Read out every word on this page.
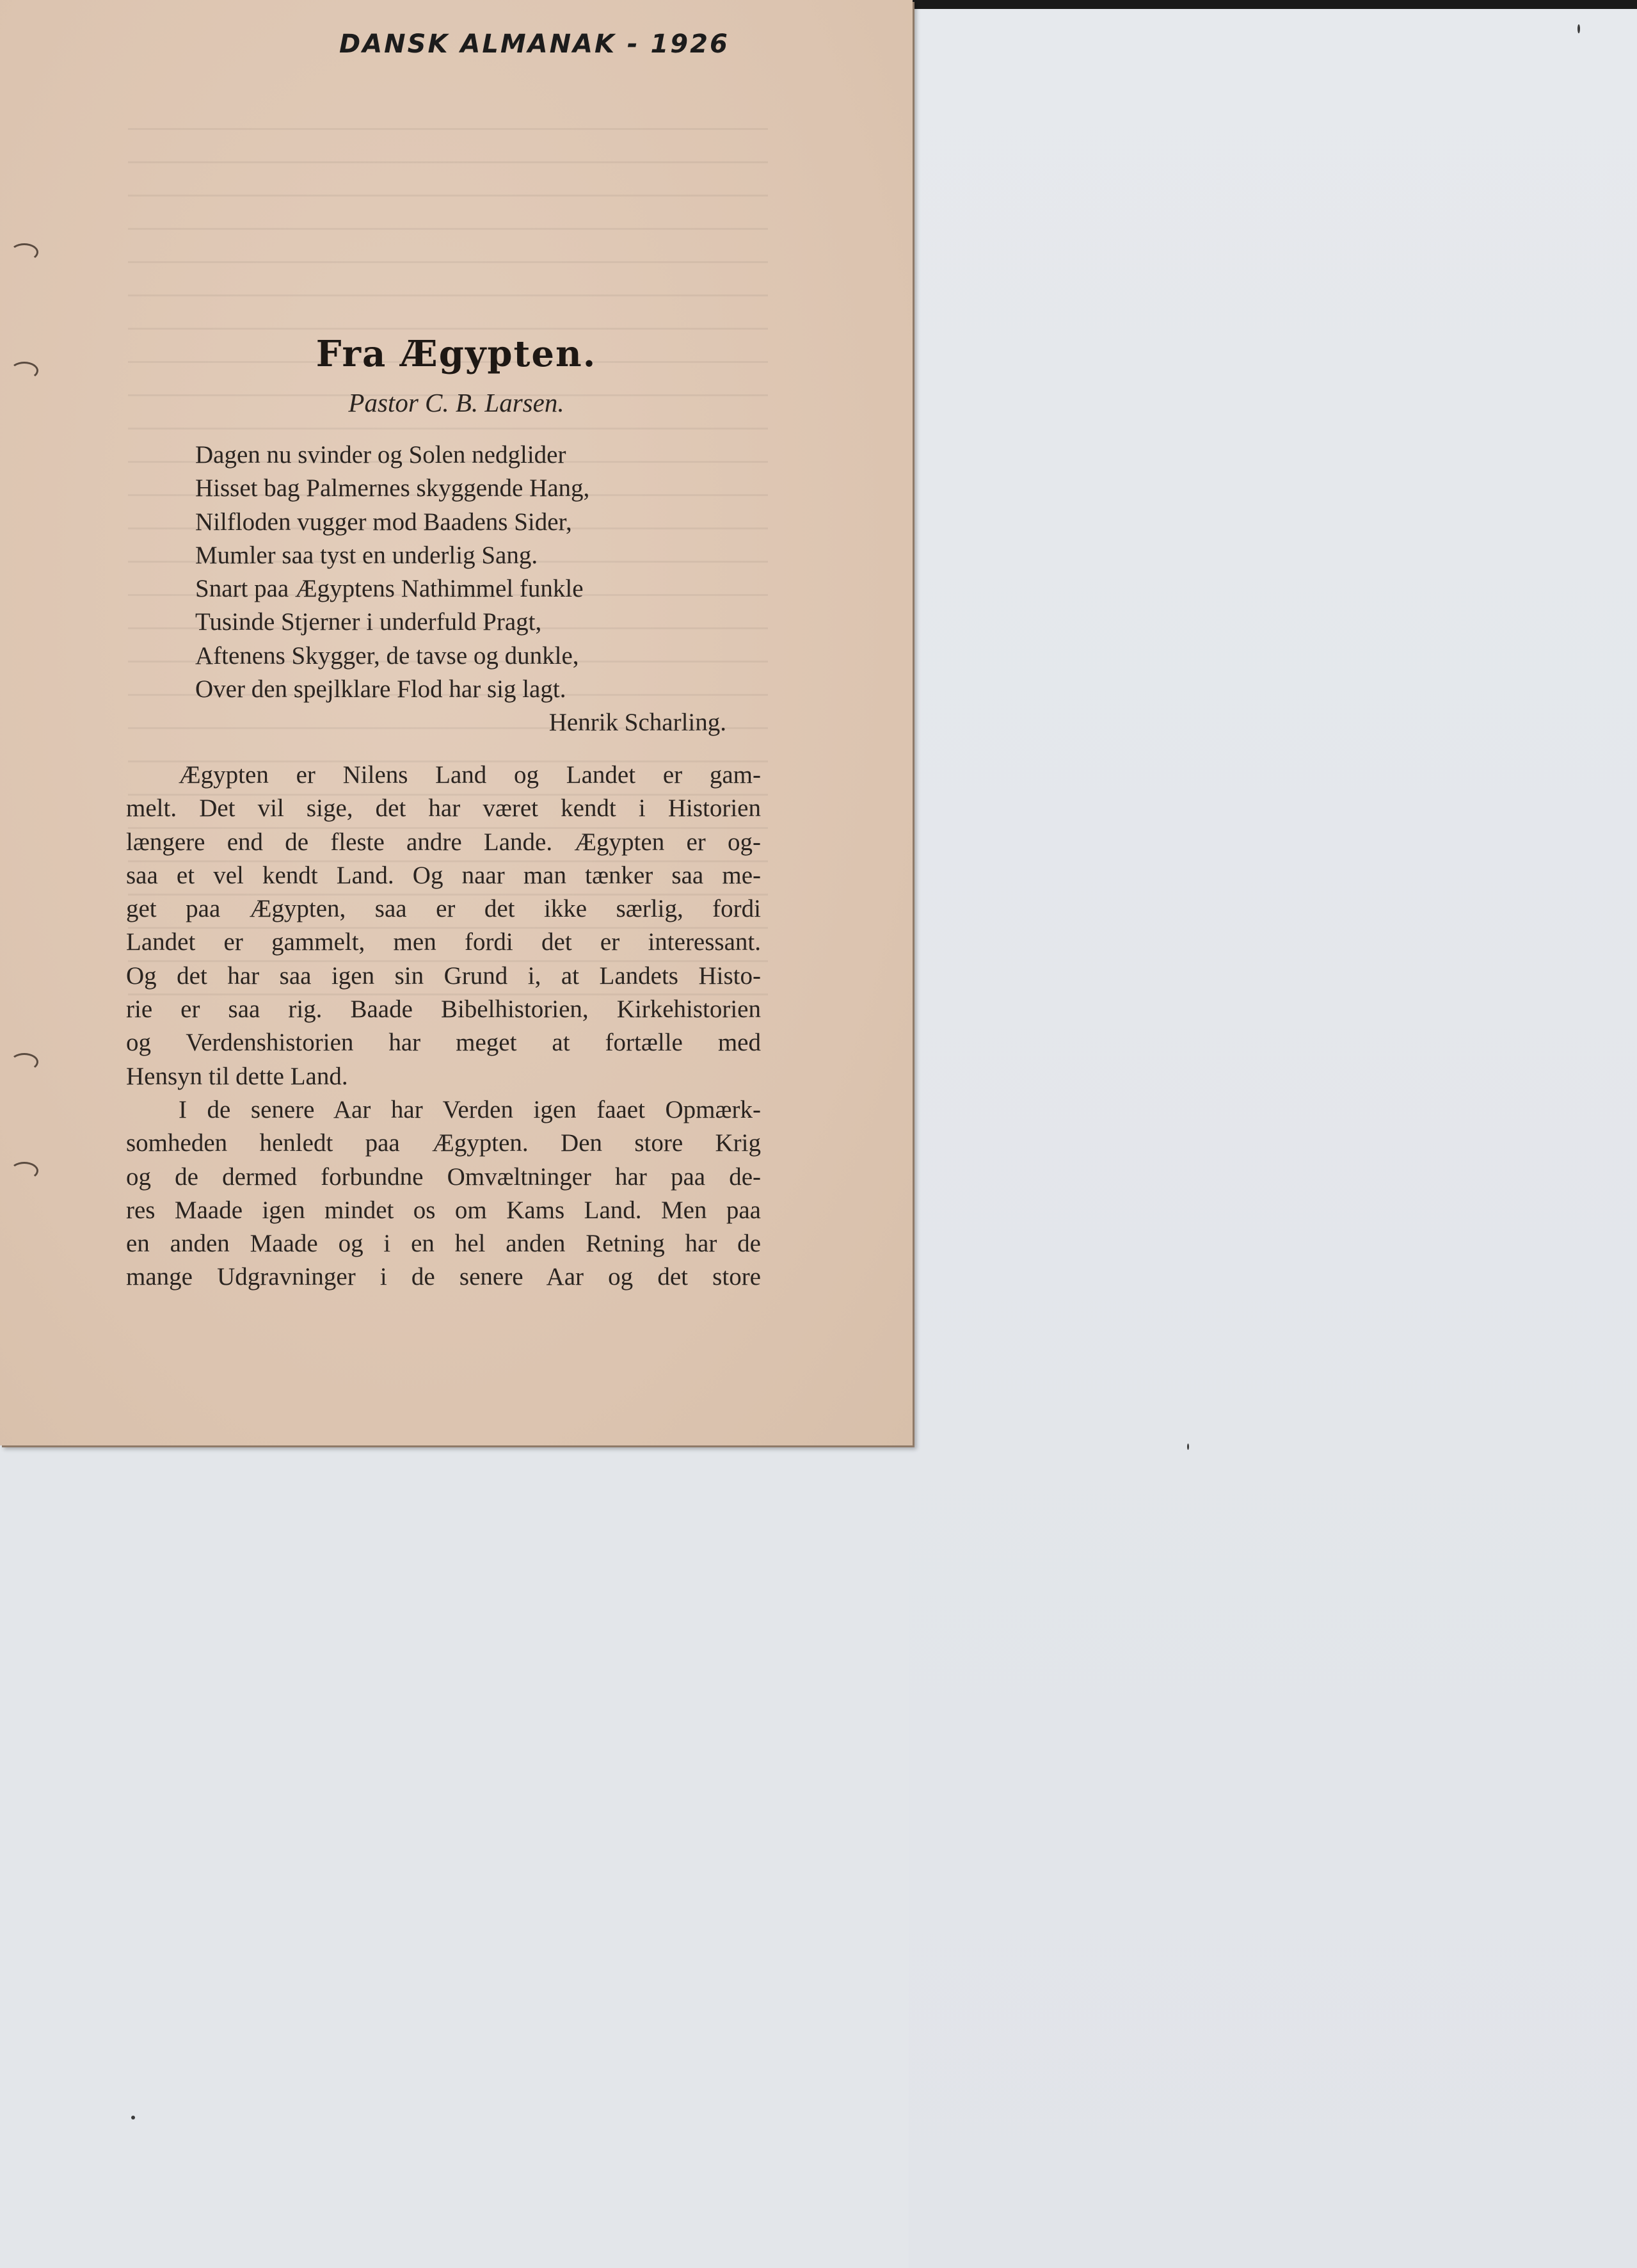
DANSK ALMANAK - 1926
Fra Ægypten.
Pastor C. B. Larsen.
Dagen nu svinder og Solen nedglider
Hisset bag Palmernes skyggende Hang,
Nilfloden vugger mod Baadens Sider,
Mumler saa tyst en underlig Sang.
Snart paa Ægyptens Nathimmel funkle
Tusinde Stjerner i underfuld Pragt,
Aftenens Skygger, de tavse og dunkle,
Over den spejlklare Flod har sig lagt.
Henrik Scharling.
Ægypten er Nilens Land og Landet er gam-
melt. Det vil sige, det har været kendt i Historien
længere end de fleste andre Lande. Ægypten er og-
saa et vel kendt Land. Og naar man tænker saa me-
get paa Ægypten, saa er det ikke særlig, fordi
Landet er gammelt, men fordi det er interessant.
Og det har saa igen sin Grund i, at Landets Histo-
rie er saa rig. Baade Bibelhistorien, Kirkehistorien
og Verdenshistorien har meget at fortælle med
Hensyn til dette Land.
I de senere Aar har Verden igen faaet Opmærk-
somheden henledt paa Ægypten. Den store Krig
og de dermed forbundne Omvæltninger har paa de-
res Maade igen mindet os om Kams Land. Men paa
en anden Maade og i en hel anden Retning har de
mange Udgravninger i de senere Aar og det store
